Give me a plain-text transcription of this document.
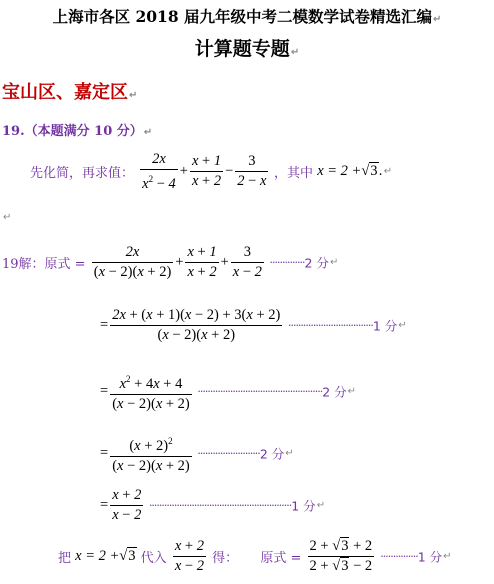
上海市各区 2018 届九年级中考二模数学试卷精选汇编↵
计算题专题↵
宝山区、嘉定区↵
19.（本题满分 10 分）↵
先化简，再求值： $\frac{2x}{x^2 - 4} + \frac{x + 1}{x + 2} - \frac{3}{2 - x}$ ，其中 x = 2 +√3.↵
↵
19解：原式 = $\frac{2x}{(x - 2)(x + 2)} + \frac{x + 1}{x + 2} + \frac{3}{x - 2} \cdot\cdot\cdot\cdot\cdot\cdot\cdot\cdot\cdot\cdot\cdot\cdot\cdot\cdot 2$ 分↵
= $\frac{2x + (x + 1)(x - 2) + 3(x + 2)}{(x - 2)(x + 2)} \cdot\cdot\cdot\cdot\cdot\cdot\cdot\cdot\cdot\cdot\cdot\cdot\cdot\cdot\cdot\cdot\cdot\cdot\cdot\cdot\cdot\cdot\cdot\cdot\cdot\cdot\cdot\cdot\cdot\cdot\cdot\cdot\cdot\cdot 1$ 分↵
= $\frac{x^2 + 4x + 4}{(x - 2)(x + 2)} \cdot\cdot\cdot\cdot\cdot\cdot\cdot\cdot\cdot\cdot\cdot\cdot\cdot\cdot\cdot\cdot\cdot\cdot\cdot\cdot\cdot\cdot\cdot\cdot\cdot\cdot\cdot\cdot\cdot\cdot\cdot\cdot\cdot\cdot\cdot\cdot\cdot\cdot\cdot\cdot\cdot\cdot\cdot\cdot\cdot\cdot\cdot\cdot\cdot\cdot 2$ 分↵
= $\frac{(x + 2)^2}{(x - 2)(x + 2)} \cdot\cdot\cdot\cdot\cdot\cdot\cdot\cdot\cdot\cdot\cdot\cdot\cdot\cdot\cdot\cdot\cdot\cdot\cdot\cdot\cdot\cdot\cdot\cdot\cdot 2$ 分↵
= $\frac{x + 2}{x - 2} \cdot\cdot\cdot\cdot\cdot\cdot\cdot\cdot\cdot\cdot\cdot\cdot\cdot\cdot\cdot\cdot\cdot\cdot\cdot\cdot\cdot\cdot\cdot\cdot\cdot\cdot\cdot\cdot\cdot\cdot\cdot\cdot\cdot\cdot\cdot\cdot\cdot\cdot\cdot\cdot\cdot\cdot\cdot\cdot\cdot\cdot\cdot\cdot\cdot\cdot\cdot\cdot\cdot\cdot\cdot\cdot\cdot 1$ 分↵
把 x = 2 +√3 代入 $\frac{x + 2}{x - 2}$ 得： 原式 = $\frac{2 + √3 + 2}{2 + √3 - 2} \cdot\cdot\cdot\cdot\cdot\cdot\cdot\cdot\cdot\cdot\cdot\cdot\cdot\cdot\cdot 1$ 分↵
